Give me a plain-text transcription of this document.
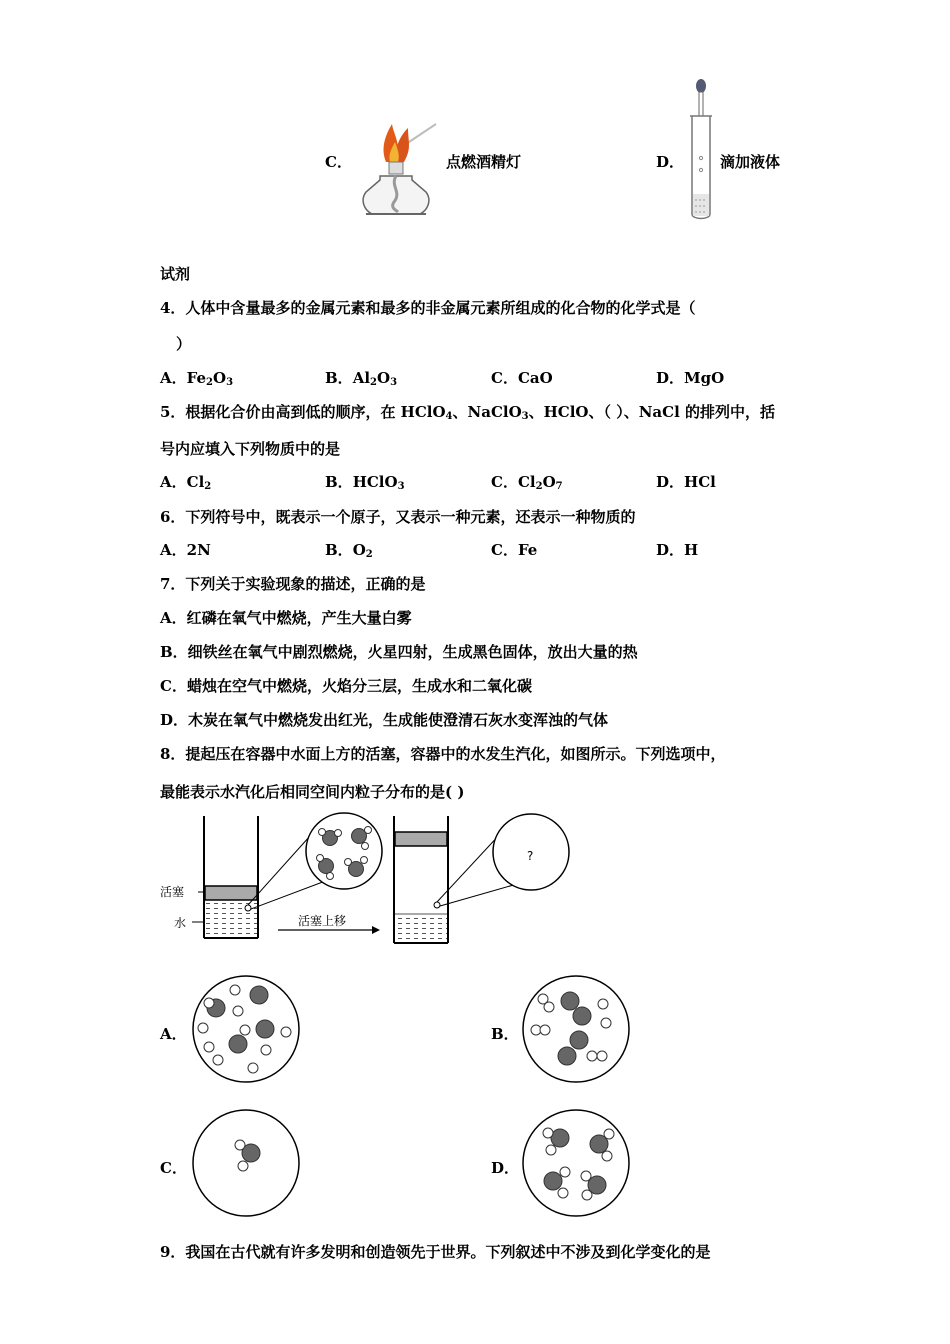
C．	点燃酒精灯	D． 滴加液体
试剂
4．人体中含量最多的金属元素和最多的非金属元素所组成的化合物的化学式是（
）
A．$Fe_2O_3$	B．$Al_2O_3$	C．CaO	D．MgO
5．根据化合价由高到低的顺序，在 HClO$_4$、NaClO$_3$、HClO、（ ）、NaCl 的排列中，括
号内应填入下列物质中的是
A．$Cl_2$	B．HClO$_3$	C．$Cl_2O_7$	D．HCl
6．下列符号中，既表示一个原子，又表示一种元素，还表示一种物质的
A．2N	B．$O_2$	C．Fe	D．H
7．下列关于实验现象的描述，正确的是
A．红磷在氧气中燃烧，产生大量白雾
B．细铁丝在氧气中剧烈燃烧，火星四射，生成黑色固体，放出大量的热
C．蜡烛在空气中燃烧，火焰分三层，生成水和二氧化碳
D．木炭在氧气中燃烧发出红光，生成能使澄清石灰水变浑浊的气体
8．提起压在容器中水面上方的活塞，容器中的水发生汽化，如图所示。下列选项中，
最能表示水汽化后相同空间内粒子分布的是( )
活塞
水	活塞上移
?
A．	B．
C．	D．
9．我国在古代就有许多发明和创造领先于世界。下列叙述中不涉及到化学变化的是
